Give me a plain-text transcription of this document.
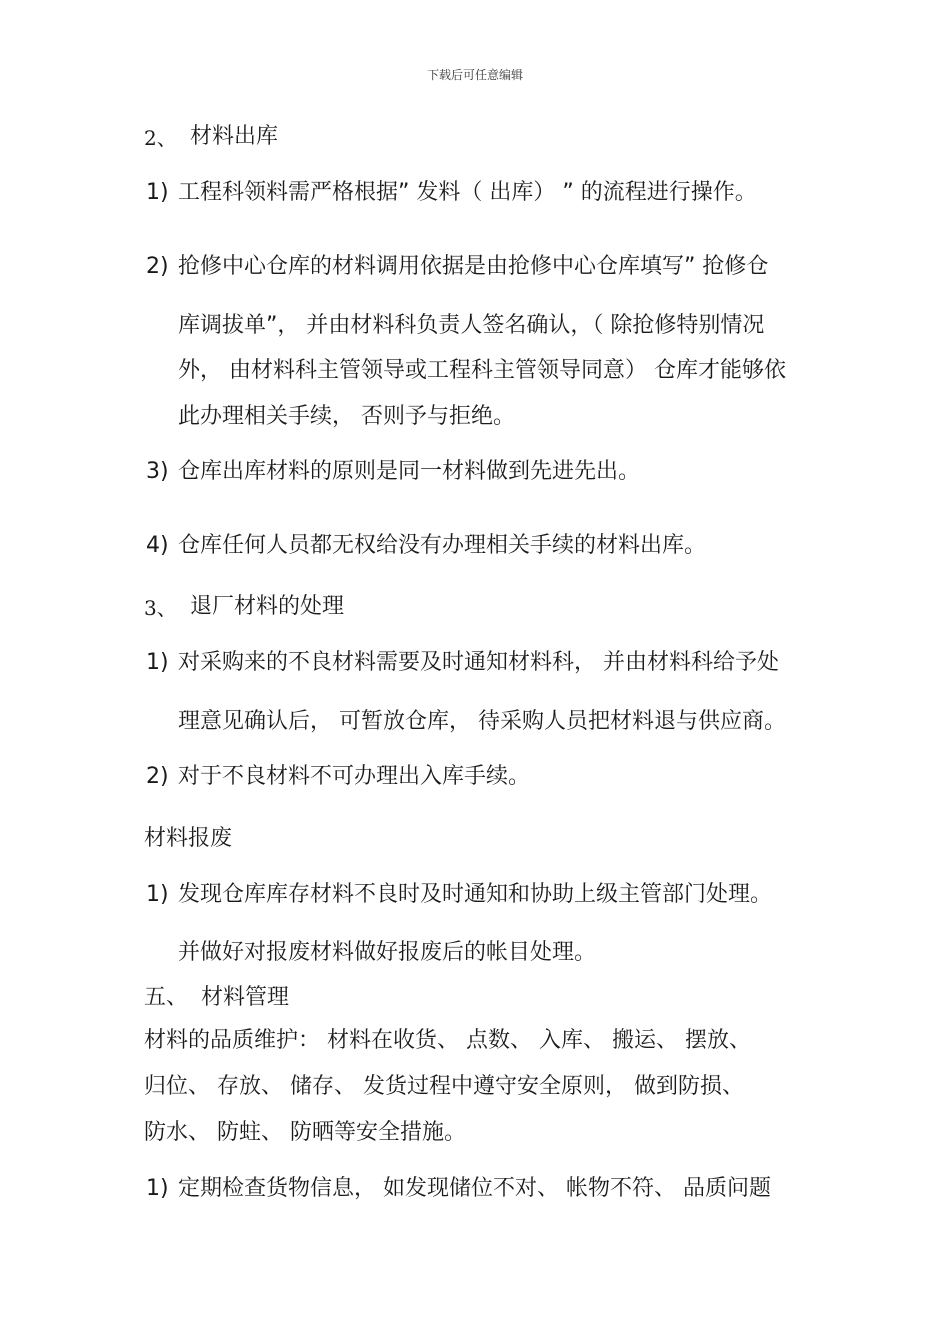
下载后可任意编辑
2、 材料出库
1) 工程科领料需严格根据” 发料（ 出库） ” 的流程进行操作。
2) 抢修中心仓库的材料调用依据是由抢修中心仓库填写” 抢修仓
库调拔单”， 并由材料科负责人签名确认，（ 除抢修特别情况
外， 由材料科主管领导或工程科主管领导同意） 仓库才能够依
此办理相关手续， 否则予与拒绝。
3) 仓库出库材料的原则是同一材料做到先进先出。
4) 仓库任何人员都无权给没有办理相关手续的材料出库。
3、 退厂材料的处理
1) 对采购来的不良材料需要及时通知材料科， 并由材料科给予处
理意见确认后， 可暂放仓库， 待采购人员把材料退与供应商。
2) 对于不良材料不可办理出入库手续。
材料报废
1) 发现仓库库存材料不良时及时通知和协助上级主管部门处理。
并做好对报废材料做好报废后的帐目处理。
五、 材料管理
材料的品质维护： 材料在收货、 点数、 入库、 搬运、 摆放、
归位、 存放、 储存、 发货过程中遵守安全原则， 做到防损、
防水、 防蛀、 防晒等安全措施。
1) 定期检查货物信息， 如发现储位不对、 帐物不符、 品质问题
